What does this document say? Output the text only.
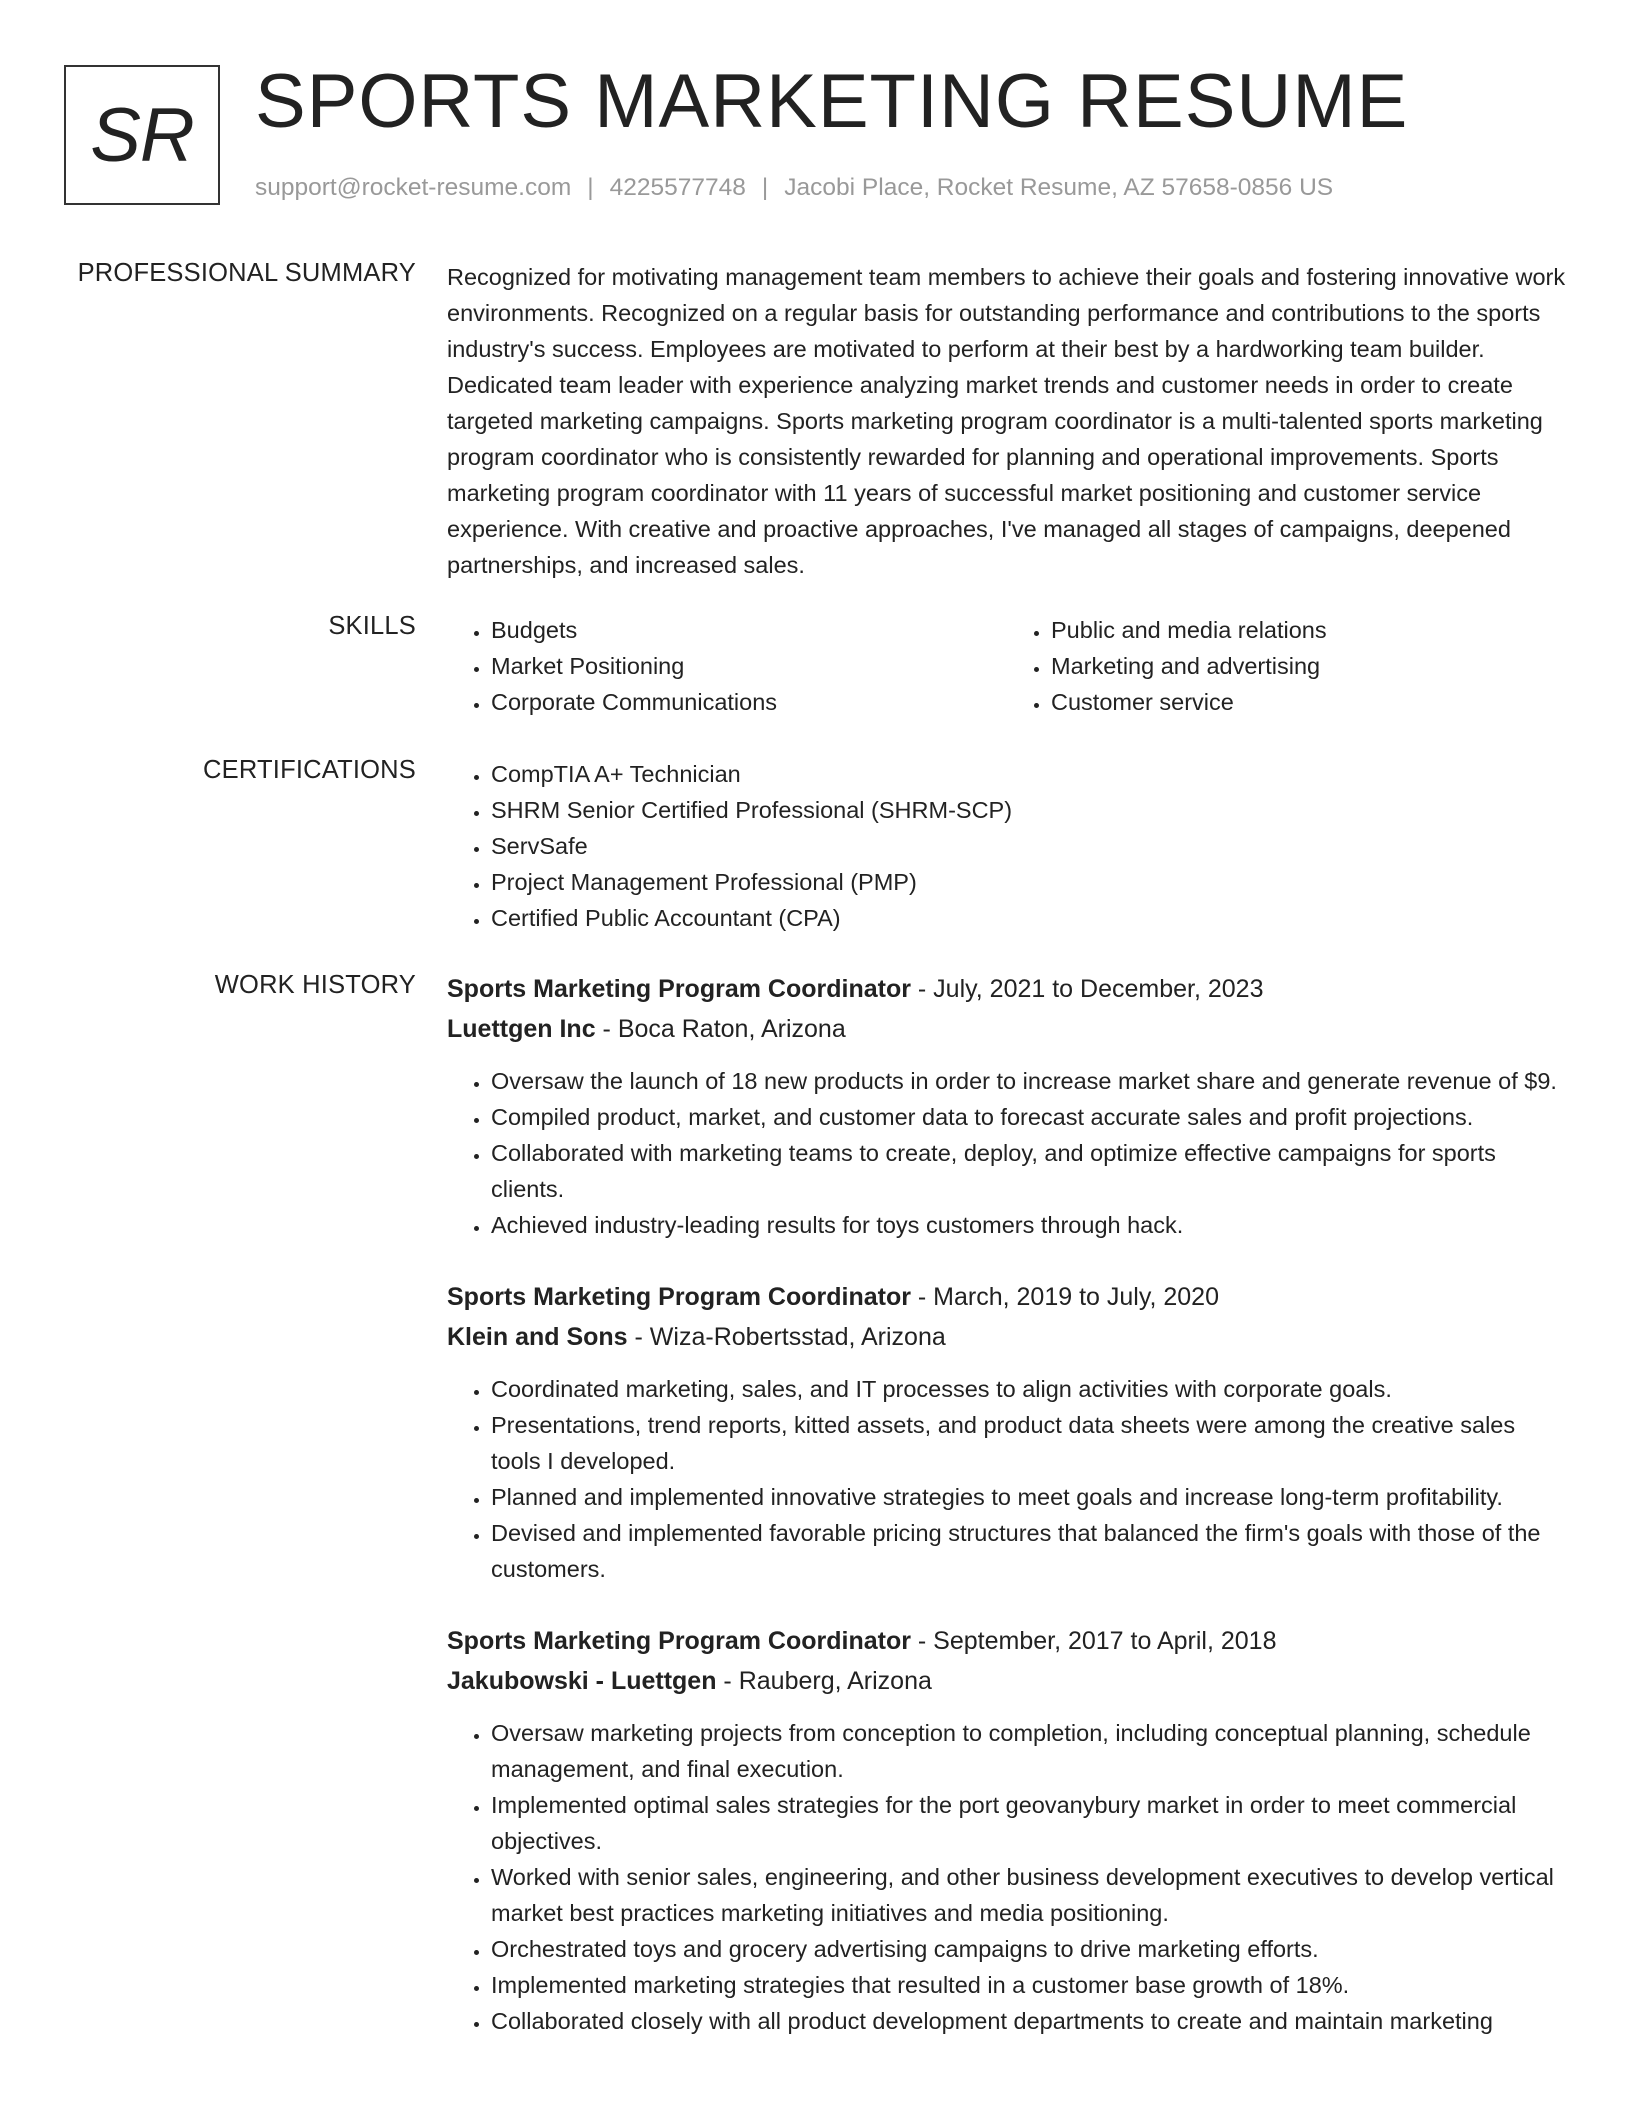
SR SPORTS MARKETING RESUME
support@rocket-resume.com | 4225577748 | Jacobi Place, Rocket Resume, AZ 57658-0856 US
PROFESSIONAL SUMMARY Recognized for motivating management team members to achieve their goals and fostering innovative work environments. Recognized on a regular basis for outstanding performance and contributions to the sports industry's success. Employees are motivated to perform at their best by a hardworking team builder. Dedicated team leader with experience analyzing market trends and customer needs in order to create targeted marketing campaigns. Sports marketing program coordinator is a multi-talented sports marketing program coordinator who is consistently rewarded for planning and operational improvements. Sports marketing program coordinator with 11 years of successful market positioning and customer service experience. With creative and proactive approaches, I've managed all stages of campaigns, deepened partnerships, and increased sales.
SKILLS	• Budgets
• Market Positioning
• Corporate Communications
• Public and media relations
• Marketing and advertising
• Customer service
CERTIFICATIONS	• CompTIA A+ Technician
• SHRM Senior Certified Professional (SHRM-SCP)
• ServSafe
• Project Management Professional (PMP)
• Certified Public Accountant (CPA)
WORK HISTORY Sports Marketing Program Coordinator - July, 2021 to December, 2023
Luettgen Inc - Boca Raton, Arizona
• Oversaw the launch of 18 new products in order to increase market share and generate revenue of $9.
• Compiled product, market, and customer data to forecast accurate sales and profit projections.
• Collaborated with marketing teams to create, deploy, and optimize effective campaigns for sports clients.
• Achieved industry-leading results for toys customers through hack.
Sports Marketing Program Coordinator - March, 2019 to July, 2020
Klein and Sons - Wiza-Robertsstad, Arizona
• Coordinated marketing, sales, and IT processes to align activities with corporate goals.
• Presentations, trend reports, kitted assets, and product data sheets were among the creative sales tools I developed.
• Planned and implemented innovative strategies to meet goals and increase long-term profitability.
• Devised and implemented favorable pricing structures that balanced the firm's goals with those of the customers.
Sports Marketing Program Coordinator - September, 2017 to April, 2018
Jakubowski - Luettgen - Rauberg, Arizona
• Oversaw marketing projects from conception to completion, including conceptual planning, schedule management, and final execution.
• Implemented optimal sales strategies for the port geovanybury market in order to meet commercial objectives.
• Worked with senior sales, engineering, and other business development executives to develop vertical market best practices marketing initiatives and media positioning.
• Orchestrated toys and grocery advertising campaigns to drive marketing efforts.
• Implemented marketing strategies that resulted in a customer base growth of 18%.
• Collaborated closely with all product development departments to create and maintain marketing
